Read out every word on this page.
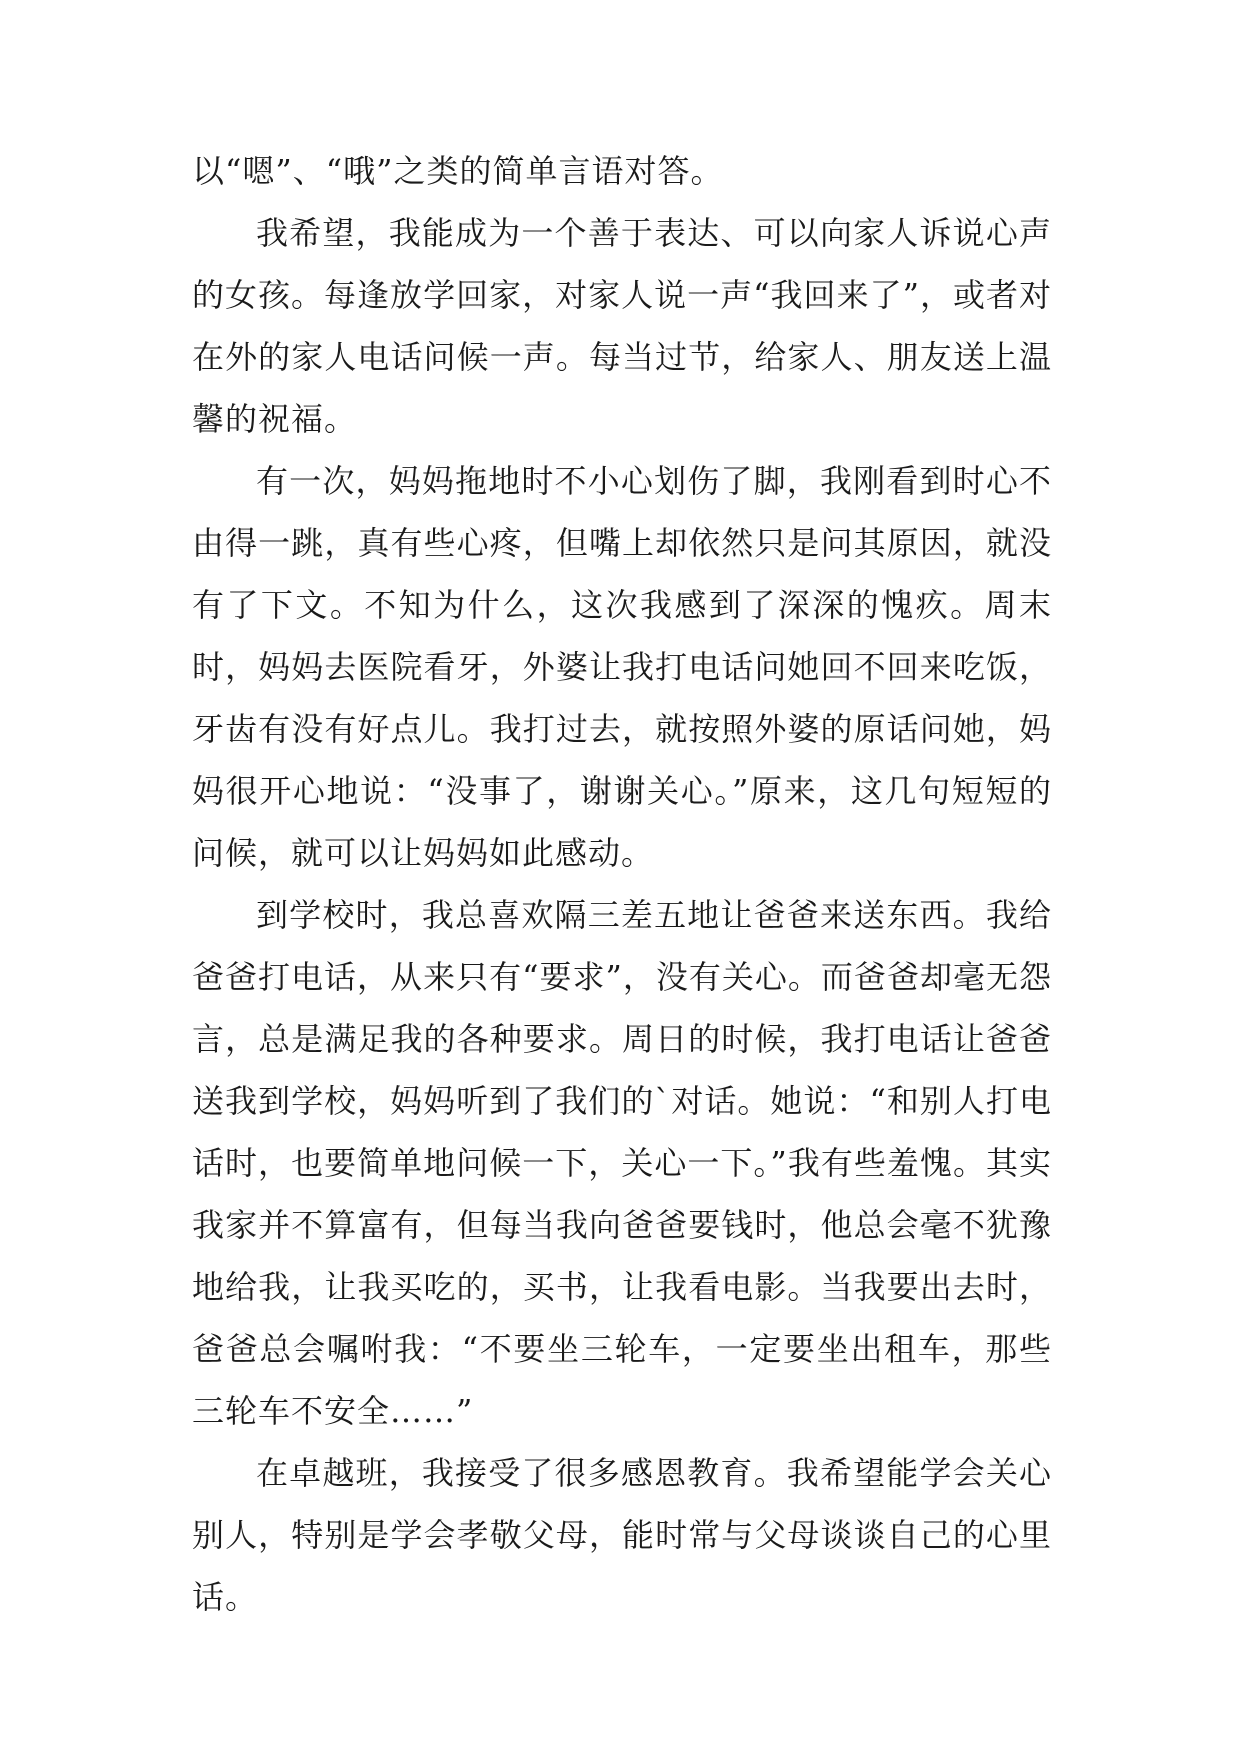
以“嗯”、“哦”之类的简单言语对答。

我希望，我能成为一个善于表达、可以向家人诉说心声的女孩。每逢放学回家，对家人说一声“我回来了”，或者对在外的家人电话问候一声。每当过节，给家人、朋友送上温馨的祝福。

有一次，妈妈拖地时不小心划伤了脚，我刚看到时心不由得一跳，真有些心疼，但嘴上却依然只是问其原因，就没有了下文。不知为什么，这次我感到了深深的愧疚。周末时，妈妈去医院看牙，外婆让我打电话问她回不回来吃饭，牙齿有没有好点儿。我打过去，就按照外婆的原话问她，妈妈很开心地说：“没事了，谢谢关心。”原来，这几句短短的问候，就可以让妈妈如此感动。

到学校时，我总喜欢隔三差五地让爸爸来送东西。我给爸爸打电话，从来只有“要求”，没有关心。而爸爸却毫无怨言，总是满足我的各种要求。周日的时候，我打电话让爸爸送我到学校，妈妈听到了我们的`对话。她说：“和别人打电话时，也要简单地问候一下，关心一下。”我有些羞愧。其实我家并不算富有，但每当我向爸爸要钱时，他总会毫不犹豫地给我，让我买吃的，买书，让我看电影。当我要出去时，爸爸总会嘱咐我：“不要坐三轮车，一定要坐出租车，那些三轮车不安全……”

在卓越班，我接受了很多感恩教育。我希望能学会关心别人，特别是学会孝敬父母，能时常与父母谈谈自己的心里话。
